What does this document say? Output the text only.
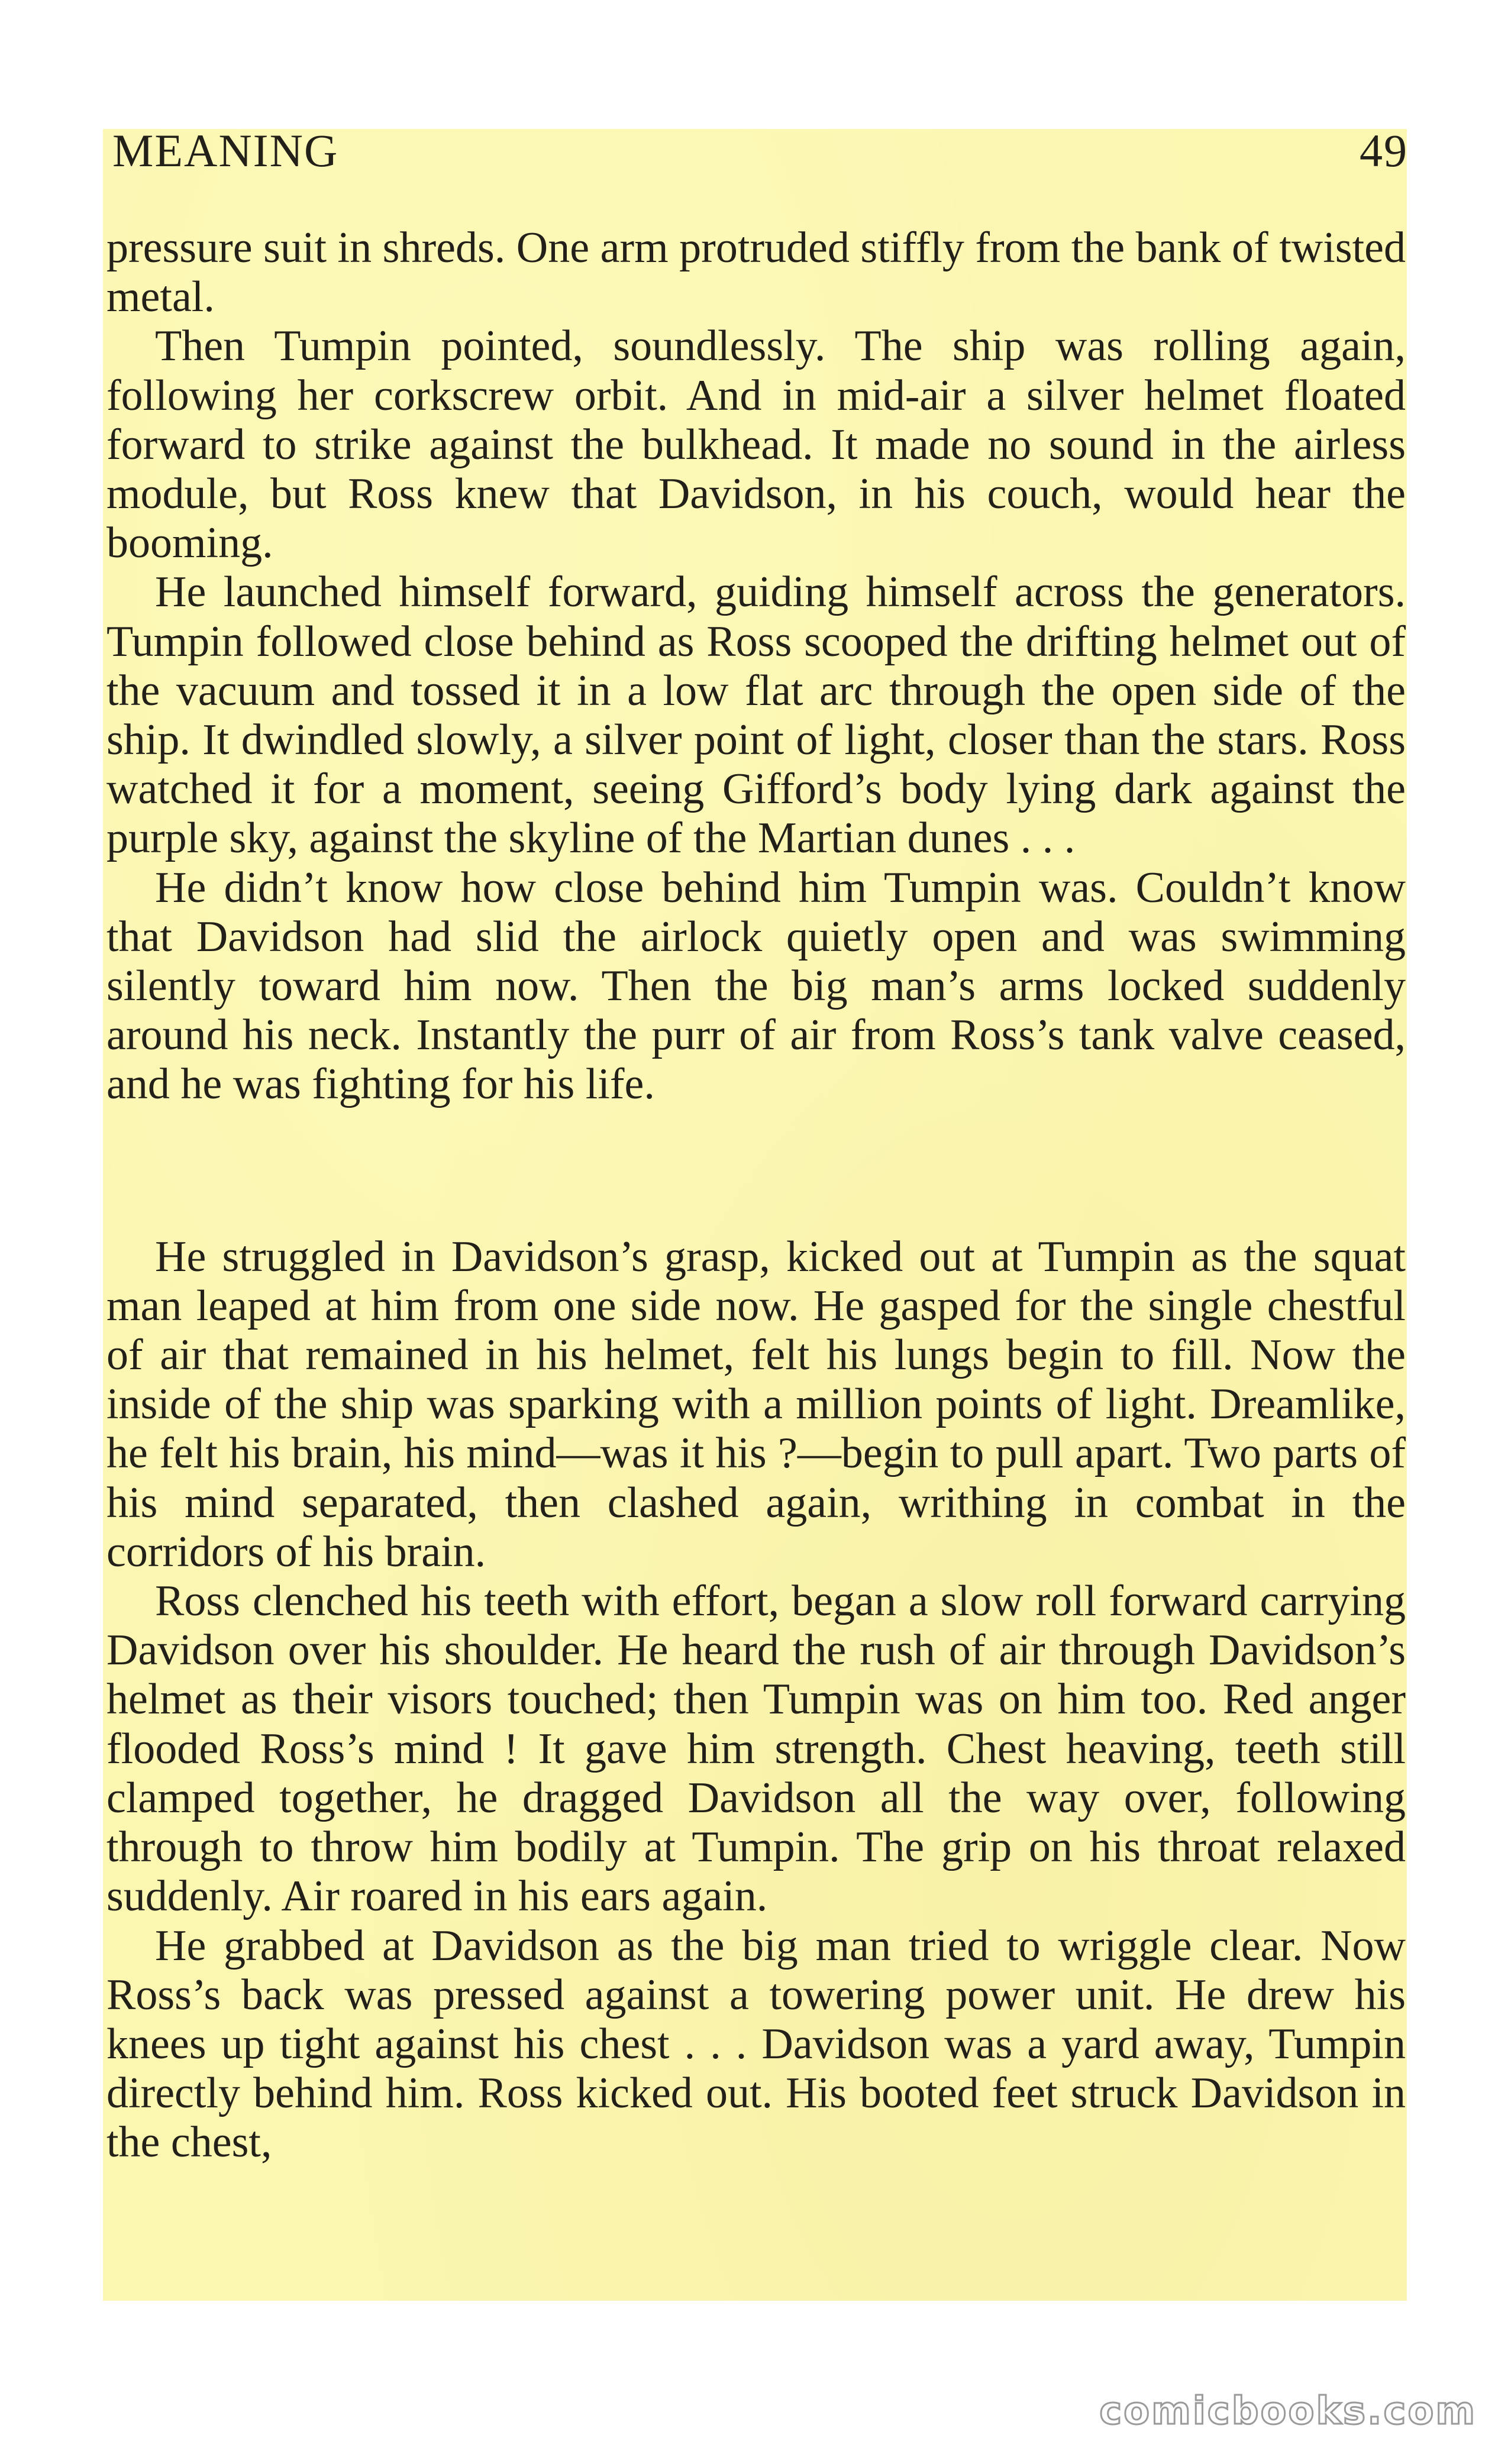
MEANING	49

pressure suit in shreds. One arm protruded stiffly from the bank of twisted metal.

Then Tumpin pointed, soundlessly. The ship was rolling again, following her corkscrew orbit. And in mid-air a silver helmet floated forward to strike against the bulkhead. It made no sound in the airless module, but Ross knew that Davidson, in his couch, would hear the booming.

He launched himself forward, guiding himself across the generators. Tumpin followed close behind as Ross scooped the drifting helmet out of the vacuum and tossed it in a low flat arc through the open side of the ship. It dwindled slowly, a silver point of light, closer than the stars. Ross watched it for a moment, seeing Gifford’s body lying dark against the purple sky, against the skyline of the Martian dunes . . .

He didn’t know how close behind him Tumpin was. Couldn’t know that Davidson had slid the airlock quietly open and was swimming silently toward him now. Then the big man’s arms locked suddenly around his neck. Instantly the purr of air from Ross’s tank valve ceased, and he was fighting for his life.

He struggled in Davidson’s grasp, kicked out at Tumpin as the squat man leaped at him from one side now. He gasped for the single chestful of air that remained in his helmet, felt his lungs begin to fill. Now the inside of the ship was sparking with a million points of light. Dreamlike, he felt his brain, his mind—was it his ?—begin to pull apart. Two parts of his mind separated, then clashed again, writhing in combat in the corridors of his brain.

Ross clenched his teeth with effort, began a slow roll forward carrying Davidson over his shoulder. He heard the rush of air through Davidson’s helmet as their visors touched; then Tumpin was on him too. Red anger flooded Ross’s mind ! It gave him strength. Chest heaving, teeth still clamped together, he dragged Davidson all the way over, following through to throw him bodily at Tumpin. The grip on his throat relaxed suddenly. Air roared in his ears again.

He grabbed at Davidson as the big man tried to wriggle clear. Now Ross’s back was pressed against a towering power unit. He drew his knees up tight against his chest . . . Davidson was a yard away, Tumpin directly behind him. Ross kicked out. His booted feet struck Davidson in the chest,

comicbooks.com
